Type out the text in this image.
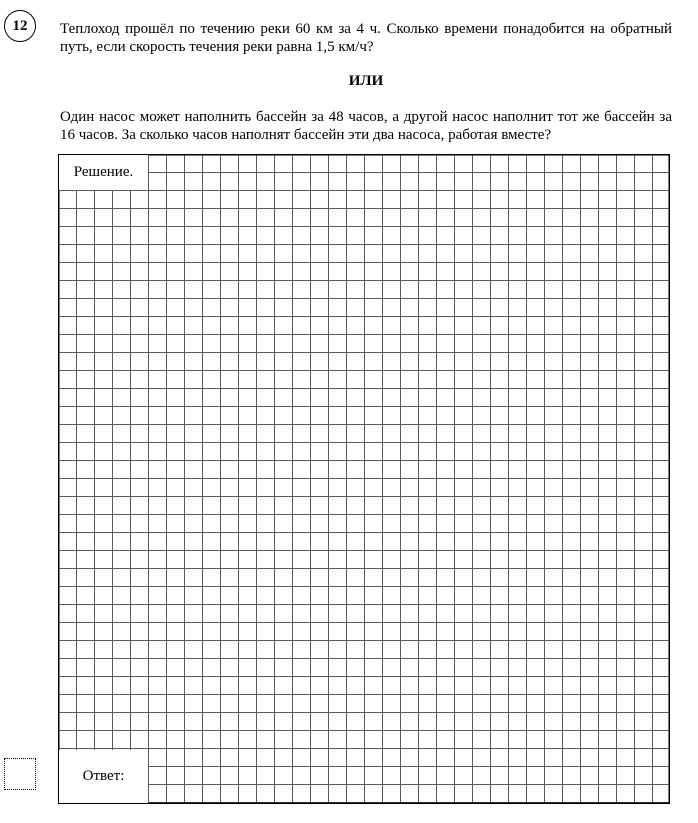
12 Теплоход прошёл по течению реки 60 км за 4 ч. Сколько времени понадобится на обратный путь, если скорость течения реки равна 1,5 км/ч?

ИЛИ

Один насос может наполнить бассейн за 48 часов, а другой насос наполнит тот же бассейн за 16 часов. За сколько часов наполнят бассейн эти два насоса, работая вместе?

Решение.
Ответ:
